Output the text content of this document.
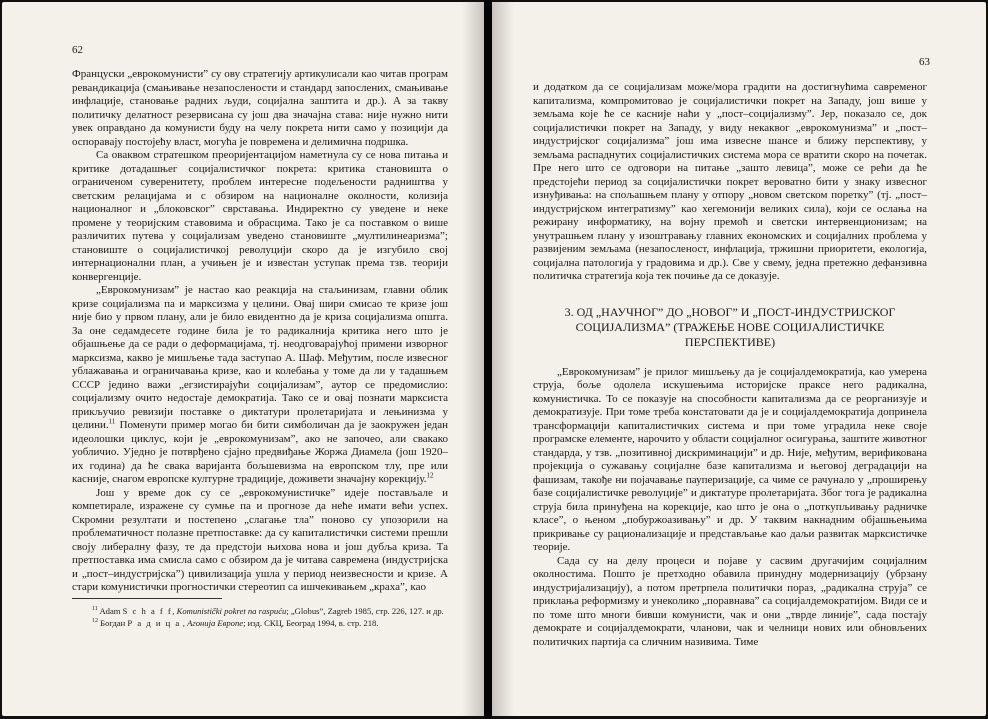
62

Француски „еврокомунисти” су ову стратегију артикулисали као читав програм ревандикација (смањивање незапослености и стандард запослених, смањивање инфлације, становање радних људи, социјална заштита и др.). А за такву политичку делатност резервисана су још два значајна става: није нужно нити увек оправдано да комунисти буду на челу покрета нити само у позицији да оспоравају постојећу власт, могућа је повремена и делимична подршка.

Са оваквом стратешком преоријентацијом наметнула су се нова питања и критике дотадашњег социјалистичког покрета: критика становишта о ограниченом суверенитету, проблем интересне подељености радништва у светским релацијама и с обзиром на националне околности, колизија националног и „блоковског” сврставања. Индиректно су уведене и неке промене у теоријским ставовима и обрасцима. Тако је са поставком о више различитих путева у социјализам уведено становиште „мултилинеаризма”; становиште о социјалистичкој револуцији скоро да је изгубило свој интернационални план, а учињен је и известан уступак према тзв. теорији конвергенције.

„Еврокомунизам” је настао као реакција на стаљинизам, главни облик кризе социјализма па и марксизма у целини. Овај шири смисао те кризе још није био у првом плану, али је било евидентно да је криза социјализма општа. За оне седамдесете године била је то радикалнија критика него што је објашњење да се ради о деформацијама, тј. неодговарајућој примени изворног марксизма, какво је мишљење тада заступао А. Шаф. Међутим, после извесног ублажавања и ограничавања кризе, као и колебања у томе да ли у тадашњем СССР једино важи „егзистирајући социјализам”, аутор се предомислио: социјализму очито недостаје демократија. Тако се и овај познати марксиста прикључио ревизији поставке о диктатури пролетаријата и лењинизма у целини.$^{11}$ Поменути пример могао би бити симболичан да је заокружен један идеолошки циклус, који је „еврокомунизам”, ако не започео, али свакако уобличио. Уједно је потврђено сјајно предвиђање Жоржа Диамела (још 1920–их година) да ће свака варијанта бољшевизма на европском тлу, пре или касније, снагом европске културне традиције, доживети значајну корекцију.$^{12}$

Још у време док су се „еврокомунистичке” идеје постављале и компетирале, изражене су сумње па и прогнозе да неће имати већи успех. Скромни резултати и постепено „слагање тла” поново су упозорили на проблематичност полазне претпоставке: да су капиталистички системи прешли своју либералну фазу, те да предстоји њихова нова и још дубља криза. Та претпоставка има смисла само с обзиром да је читава савремена (индустријска и „пост–индустријска”) цивилизација ушла у период неизвесности и кризе. А стари комунистички прогностички стереотип са ишчекивањем „краха”, као

$^{11}$ Adam S c h a f f, Komunistički pokret na raspuću; „Globus”, Zagreb 1985, стр. 226, 127. и др.
$^{12}$ Богдан Р а д и ц а , Агонија Европе; изд. СКЦ, Београд 1994, в. стр. 218.
63

и додатком да се социјализам може/мора градити на достигнућима савременог капитализма, компромитовао је социјалистички покрет на Западу, још више у земљама које ће се касније наћи у „пост–социјализму”. Јер, показало се, док социјалистички покрет на Западу, у виду некаквог „еврокомунизма” и „пост–индустријског социјализма” још има извесне шансе и ближу перспективу, у земљама распаднутих социјалистичких система мора се вратити скоро на почетак. Пре него што се одговори на питање „зашто левица”, може се рећи да ће предстојећи период за социјалистички покрет вероватно бити у знаку извесног изнуђивања: на спољашњем плану у отпору „новом светском поретку” (тј. „пост–индустријском интегратизму” као хегемонији великих сила), који се ослања на режирану информатику, на војну премоћ и светски интервенционизам; на унутрашњем плану у изоштравању главних економских и социјалних проблема у развијеним земљама (незапосленост, инфлација, тржишни приоритети, екологија, социјална патологија у градовима и др.). Све у свему, једна претежно дефанзивна политичка стратегија која тек почиње да се доказује.

3. ОД „НАУЧНОГ” ДО „НОВОГ” И „ПОСТ-ИНДУСТРИЈСКОГ СОЦИЈАЛИЗМА” (ТРАЖЕЊЕ НОВЕ СОЦИЈАЛИСТИЧКЕ ПЕРСПЕКТИВЕ)

„Еврокомунизам” је прилог мишљењу да је социјалдемократија, као умерена струја, боље одолела искушењима историјске праксе него радикална, комунистичка. То се показује на способности капитализма да се реорганизује и демократизује. При томе треба констатовати да је и социјалдемократија допринела трансформацији капиталистичких система и при томе уградила неке своје програмске елементе, нарочито у области социјалног осигурања, заштите животног стандарда, у тзв. „позитивној дискриминацији” и др. Није, међутим, верификована пројекција о сужавању социјалне базе капитализма и његовој деградацији на фашизам, такође ни појачавање пауперизације, са чиме се рачунало у „проширењу базе социјалистичке револуције” и диктатуре пролетаријата. Због тога је радикална струја била принуђена на корекције, као што је она о „поткупљивању радничке класе”, о њеном „побуржоазивању” и др. У таквим накнадним објашњењима прикривање су рационализације и представљање као даљи развитак марксистичке теорије.

Сада су на делу процеси и појаве у сасвим другачијим социјалним околностима. Пошто је претходно обавила принудну модернизацију (убрзану индустријализацију), а потом претрпела политички пораз, „радикална струја” се приклања реформизму и унеколико „поравнава” са социјалдемократијом. Види се и по томе што многи бивши комунисти, чак и они „тврде линије”, сада постају демократе и социјалдемократи, чланови, чак и челници нових или обновљених политичких партија са сличним називима. Тиме
